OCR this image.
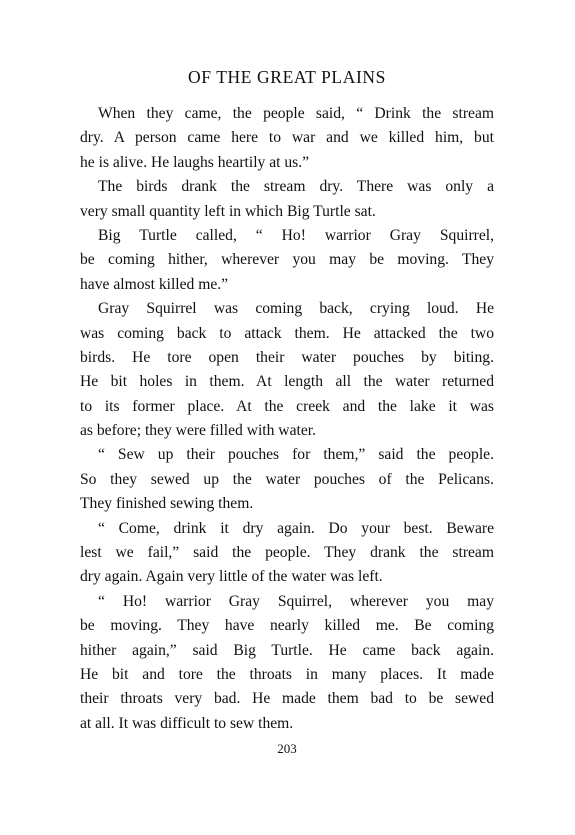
OF THE GREAT PLAINS
When they came, the people said, “ Drink the stream
dry. A person came here to war and we killed him, but
he is alive. He laughs heartily at us.”
The birds drank the stream dry. There was only a
very small quantity left in which Big Turtle sat.
Big Turtle called, “ Ho! warrior Gray Squirrel,
be coming hither, wherever you may be moving. They
have almost killed me.”
Gray Squirrel was coming back, crying loud. He
was coming back to attack them. He attacked the two
birds. He tore open their water pouches by biting.
He bit holes in them. At length all the water returned
to its former place. At the creek and the lake it was
as before; they were filled with water.
“ Sew up their pouches for them,” said the people.
So they sewed up the water pouches of the Pelicans.
They finished sewing them.
“ Come, drink it dry again. Do your best. Beware
lest we fail,” said the people. They drank the stream
dry again. Again very little of the water was left.
“ Ho! warrior Gray Squirrel, wherever you may
be moving. They have nearly killed me. Be coming
hither again,” said Big Turtle. He came back again.
He bit and tore the throats in many places. It made
their throats very bad. He made them bad to be sewed
at all. It was difficult to sew them.
203
